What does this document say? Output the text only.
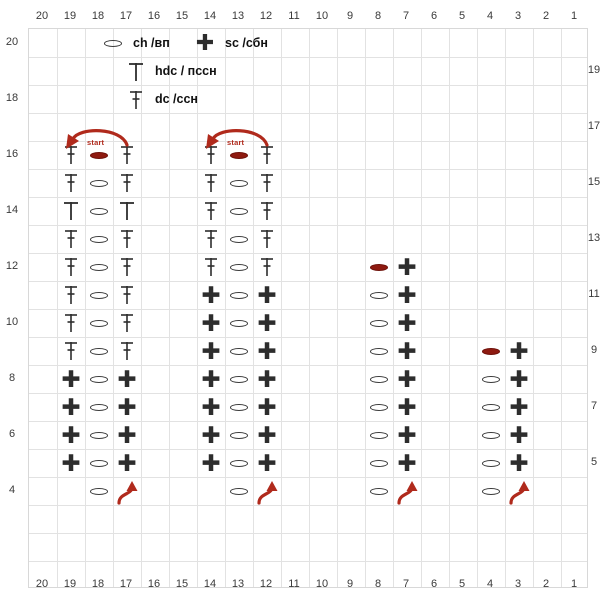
20 19 18 17 16 15 14 13 12 11 10	9	8	7	6	5	4	3	2	1
20 19 18 17 16 15 14 13 12 11 10	9	8	7	6	5	4	3	2	1
20
18
16
14
12
10
8
6
4
19
17
15
13
11
9
7
5
✚
✚ ✚	✚
✚ ✚	✚
✚ ✚	✚	✚
✚ ✚	✚ ✚	✚	✚
✚ ✚	✚ ✚	✚	✚
✚ ✚	✚ ✚	✚	✚
✚ ✚	✚ ✚	✚	✚
start	start
ch /вп ✚ sc /сбн
hdc / пссн
dc /ссн
